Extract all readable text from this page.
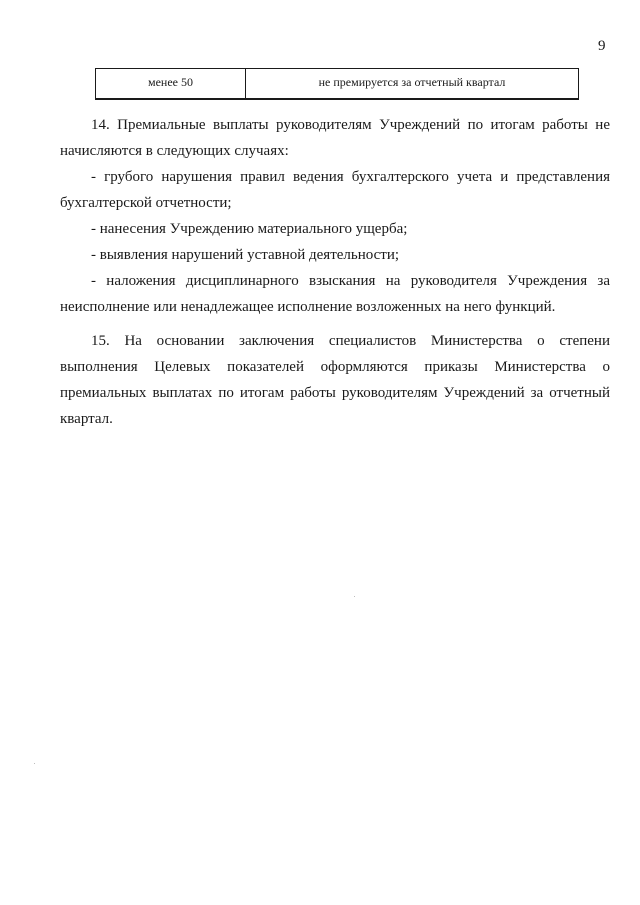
9
менее 50	не премируется за отчетный квартал

14. Премиальные выплаты руководителям Учреждений по итогам работы не начисляются в следующих случаях:

- грубого нарушения правил ведения бухгалтерского учета и представления бухгалтерской отчетности;

- нанесения Учреждению материального ущерба;

- выявления нарушений уставной деятельности;

- наложения дисциплинарного взыскания на руководителя Учреждения за неисполнение или ненадлежащее исполнение возложенных на него функций.

15. На основании заключения специалистов Министерства о степени выполнения Целевых показателей оформляются приказы Министерства о премиальных выплатах по итогам работы руководителям Учреждений за отчетный квартал.
